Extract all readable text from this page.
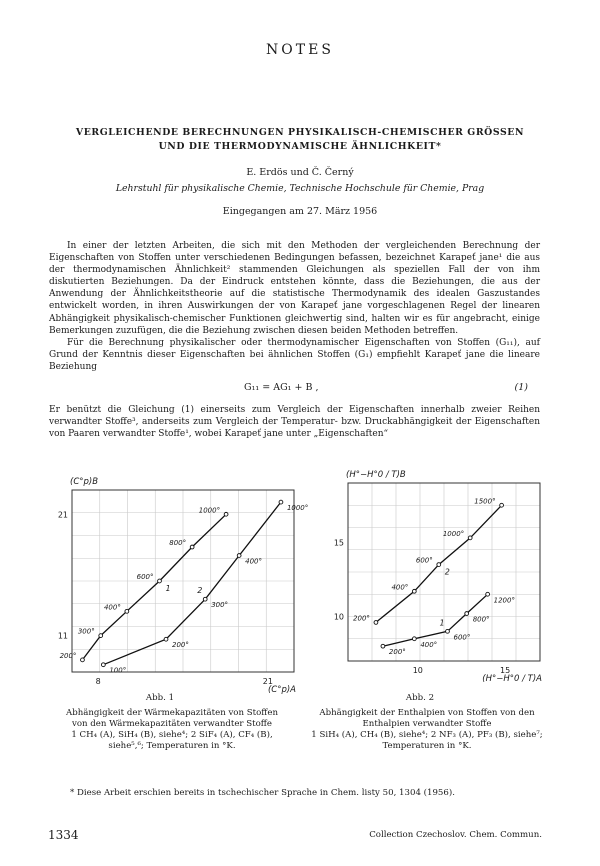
NOTES
VERGLEICHENDE BERECHNUNGEN PHYSIKALISCH-CHEMISCHER GRÖSSEN
UND DIE THERMODYNAMISCHE ÄHNLICHKEIT*
E. Erdös und Č. Černý
Lehrstuhl für physikalische Chemie, Technische Hochschule für Chemie, Prag
Eingegangen am 27. März 1956
In einer der letzten Arbeiten, die sich mit den Methoden der vergleichenden Berechnung der Eigenschaften von Stoffen unter verschiedenen Bedingungen befassen, bezeichnet Karapeť jane¹ die aus der thermodynamischen Ähnlichkeit² stammenden Gleichungen als speziellen Fall der von ihm diskutierten Beziehungen. Da der Eindruck entstehen könnte, dass die Beziehungen, die aus der Anwendung der Ähnlichkeitstheorie auf die statistische Thermodynamik des idealen Gaszustandes entwickelt worden, in ihren Auswirkungen der von Karapeť jane vorgeschlagenen Regel der linearen Abhängigkeit physikalisch-chemischer Funktionen gleichwertig sind, halten wir es für angebracht, einige Bemerkungen zuzufügen, die die Beziehung zwischen diesen beiden Methoden betreffen.
Für die Berechnung physikalischer oder thermodynamischer Eigenschaften von Stoffen (G₁₁), auf Grund der Kenntnis dieser Eigenschaften bei ähnlichen Stoffen (G₁) empfiehlt Karapeť jane die lineare Beziehung
G₁₁ = AG₁ + B ,	(1)
Er benützt die Gleichung (1) einerseits zum Vergleich der Eigenschaften innerhalb zweier Reihen verwandter Stoffe³, anderseits zum Vergleich der Temperatur- bzw. Druckabhängigkeit der Eigenschaften von Paaren verwandter Stoffe¹, wobei Karapeť jane unter „Eigenschaften“
8	21
11
21
(C°p)B
(C°p)A
200°
300°
400°
600°
800°
1000°
1
100°
200°
300°
400°
1000°
2
10	15
10
15
(H°−H°0 / T)B
(H°−H°0 / T)A
200°
400°
600°
1000°
1500°
2
200°
400°
600°
800°
1200°
1
Abb. 1
Abhängigkeit der Wärmekapazitäten von Stoffen von den Wärmekapazitäten verwandter Stoffe
1 CH₄ (A), SiH₄ (B), siehe⁴; 2 SiF₄ (A), CF₄ (B), siehe⁵,⁶; Temperaturen in °K.
Abb. 2
Abhängigkeit der Enthalpien von Stoffen von den Enthalpien verwandter Stoffe
1 SiH₄ (A), CH₄ (B), siehe⁴; 2 NF₃ (A), PF₃ (B), siehe⁷; Temperaturen in °K.
* Diese Arbeit erschien bereits in tschechischer Sprache in Chem. listy 50, 1304 (1956).
1334	Collection Czechoslov. Chem. Commun.
